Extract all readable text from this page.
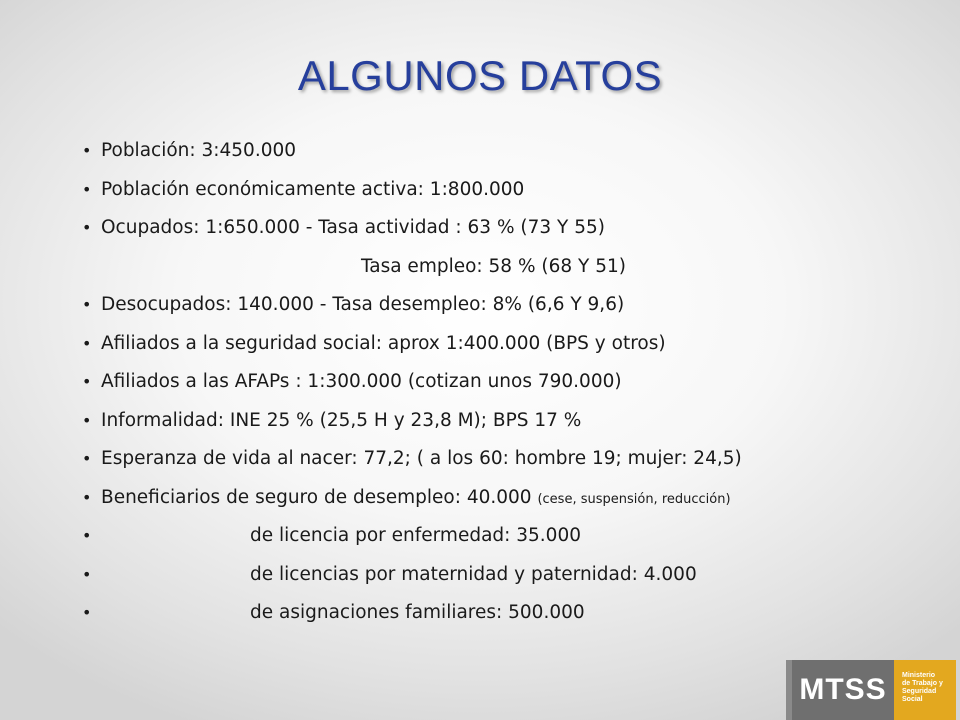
ALGUNOS DATOS
• Población: 3:450.000
• Población económicamente activa: 1:800.000
• Ocupados: 1:650.000 - Tasa actividad : 63 % (73 Y 55)
Tasa empleo: 58 % (68 Y 51)
• Desocupados: 140.000 - Tasa desempleo: 8% (6,6 Y 9,6)
• Afiliados a la seguridad social: aprox 1:400.000 (BPS y otros)
• Afiliados a las AFAPs : 1:300.000 (cotizan unos 790.000)
• Informalidad: INE 25 % (25,5 H y 23,8 M); BPS 17 %
• Esperanza de vida al nacer: 77,2; ( a los 60: hombre 19; mujer: 24,5)
• Beneficiarios de seguro de desempleo: 40.000 (cese, suspensión, reducción)
•	de licencia por enfermedad: 35.000
•	de licencias por maternidad y paternidad: 4.000
•	de asignaciones familiares: 500.000
MTSS	Ministerio
de Trabajo y
Seguridad
Social
